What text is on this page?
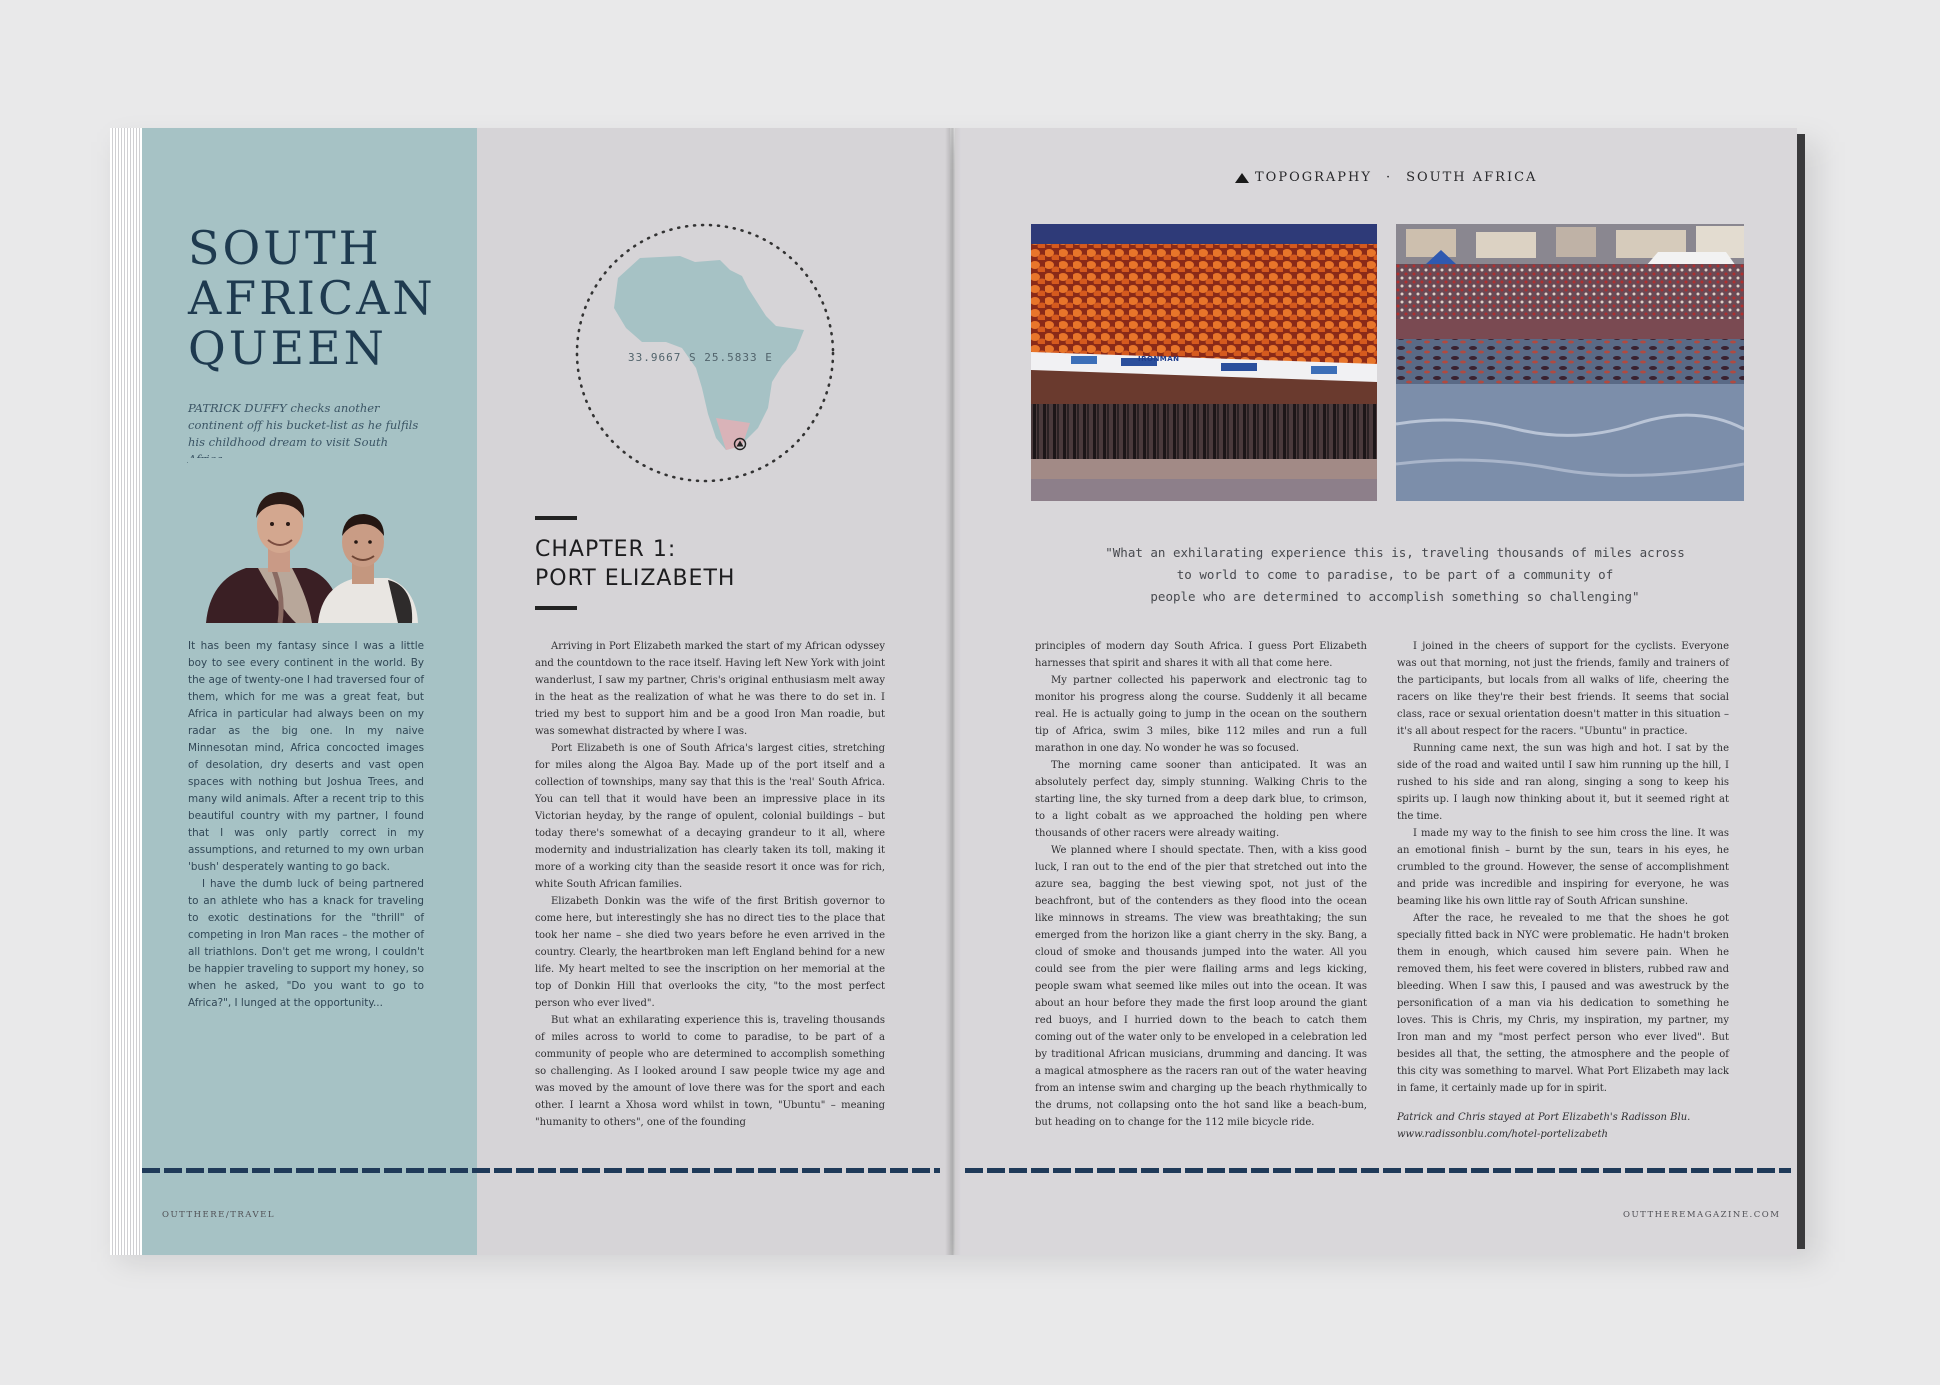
SOUTH
AFRICAN
QUEEN

PATRICK DUFFY checks another continent off his bucket-list as he fulfils his childhood dream to visit South

It has been my fantasy since I was a little boy to see every continent in the world. By the age of twenty-one I had traversed four of them, which for me was a great feat, but Africa in particular had always been on my radar as the big one. In my naive Minnesotan mind, Africa concocted images of desolation, dry deserts and vast open spaces with nothing but Joshua Trees, and many wild animals. After a recent trip to this beautiful country with my partner, I found that I was only partly correct in my assumptions, and returned to my own urban 'bush' desperately wanting to go back.

I have the dumb luck of being partnered to an athlete who has a knack for traveling to exotic destinations for the "thrill" of competing in Iron Man races – the mother of all triathlons. Don't get me wrong, I couldn't be happier traveling to support my honey, so when he asked, "Do you want to go to Africa?", I lunged at the opportunity...

33.9667 S 25.5833 E
CHAPTER 1:
PORT ELIZABETH

Arriving in Port Elizabeth marked the start of my African odyssey and the countdown to the race itself. Having left New York with joint wanderlust, I saw my partner, Chris's original enthusiasm melt away in the heat as the realization of what he was there to do set in. I tried my best to support him and be a good Iron Man roadie, but was somewhat distracted by where I was.

Port Elizabeth is one of South Africa's largest cities, stretching for miles along the Algoa Bay. Made up of the port itself and a collection of townships, many say that this is the 'real' South Africa. You can tell that it would have been an impressive place in its Victorian heyday, by the range of opulent, colonial buildings – but today there's somewhat of a decaying grandeur to it all, where modernity and industrialization has clearly taken its toll, making it more of a working city than the seaside resort it once was for rich, white South African families.

Elizabeth Donkin was the wife of the first British governor to come here, but interestingly she has no direct ties to the place that took her name – she died two years before he even arrived in the country. Clearly, the heartbroken man left England behind for a new life. My heart melted to see the inscription on her memorial at the top of Donkin Hill that overlooks the city, "to the most perfect person who ever lived".

But what an exhilarating experience this is, traveling thousands of miles across to world to come to paradise, to be part of a community of people who are determined to accomplish something so challenging. As I looked around I saw people twice my age and was moved by the amount of love there was for the sport and each other. I learnt a Xhosa word whilst in town, "Ubuntu" – meaning "humanity to others", one of the founding

TOPOGRAPHY · SOUTH AFRICA
IRONMAN
"What an exhilarating experience this is, traveling thousands of miles across
to world to come to paradise, to be part of a community of
people who are determined to accomplish something so challenging"

principles of modern day South Africa. I guess Port Elizabeth harnesses that spirit and shares it with all that come here.

My partner collected his paperwork and electronic tag to monitor his progress along the course. Suddenly it all became real. He is actually going to jump in the ocean on the southern tip of Africa, swim 3 miles, bike 112 miles and run a full marathon in one day. No wonder he was so focused.

The morning came sooner than anticipated. It was an absolutely perfect day, simply stunning. Walking Chris to the starting line, the sky turned from a deep dark blue, to crimson, to a light cobalt as we approached the holding pen where thousands of other racers were already waiting.

We planned where I should spectate. Then, with a kiss good luck, I ran out to the end of the pier that stretched out into the azure sea, bagging the best viewing spot, not just of the beachfront, but of the contenders as they flood into the ocean like minnows in streams. The view was breathtaking; the sun emerged from the horizon like a giant cherry in the sky. Bang, a cloud of smoke and thousands jumped into the water. All you could see from the pier were flailing arms and legs kicking, people swam what seemed like miles out into the ocean. It was about an hour before they made the first loop around the giant red buoys, and I hurried down to the beach to catch them coming out of the water only to be enveloped in a celebration led by traditional African musicians, drumming and dancing. It was a magical atmosphere as the racers ran out of the water heaving from an intense swim and charging up the beach rhythmically to the drums, not collapsing onto the hot sand like a beach-bum, but heading on to change for the 112 mile bicycle ride.

I joined in the cheers of support for the cyclists. Everyone was out that morning, not just the friends, family and trainers of the participants, but locals from all walks of life, cheering the racers on like they're their best friends. It seems that social class, race or sexual orientation doesn't matter in this situation – it's all about respect for the racers. "Ubuntu" in practice.

Running came next, the sun was high and hot. I sat by the side of the road and waited until I saw him running up the hill, I rushed to his side and ran along, singing a song to keep his spirits up. I laugh now thinking about it, but it seemed right at the time.

I made my way to the finish to see him cross the line. It was an emotional finish – burnt by the sun, tears in his eyes, he crumbled to the ground. However, the sense of accomplishment and pride was incredible and inspiring for everyone, he was beaming like his own little ray of South African sunshine.

After the race, he revealed to me that the shoes he got specially fitted back in NYC were problematic. He hadn't broken them in enough, which caused him severe pain. When he removed them, his feet were covered in blisters, rubbed raw and bleeding. When I saw this, I paused and was awestruck by the personification of a man via his dedication to something he loves. This is Chris, my Chris, my inspiration, my partner, my Iron man and my "most perfect person who ever lived". But besides all that, the setting, the atmosphere and the people of this city was something to marvel. What Port Elizabeth may lack in fame, it certainly made up for in spirit.

Patrick and Chris stayed at Port Elizabeth's Radisson Blu.
www.radissonblu.com/hotel-portelizabeth

OUTTHERE/TRAVEL	OUTTHEREMAGAZINE.COM
